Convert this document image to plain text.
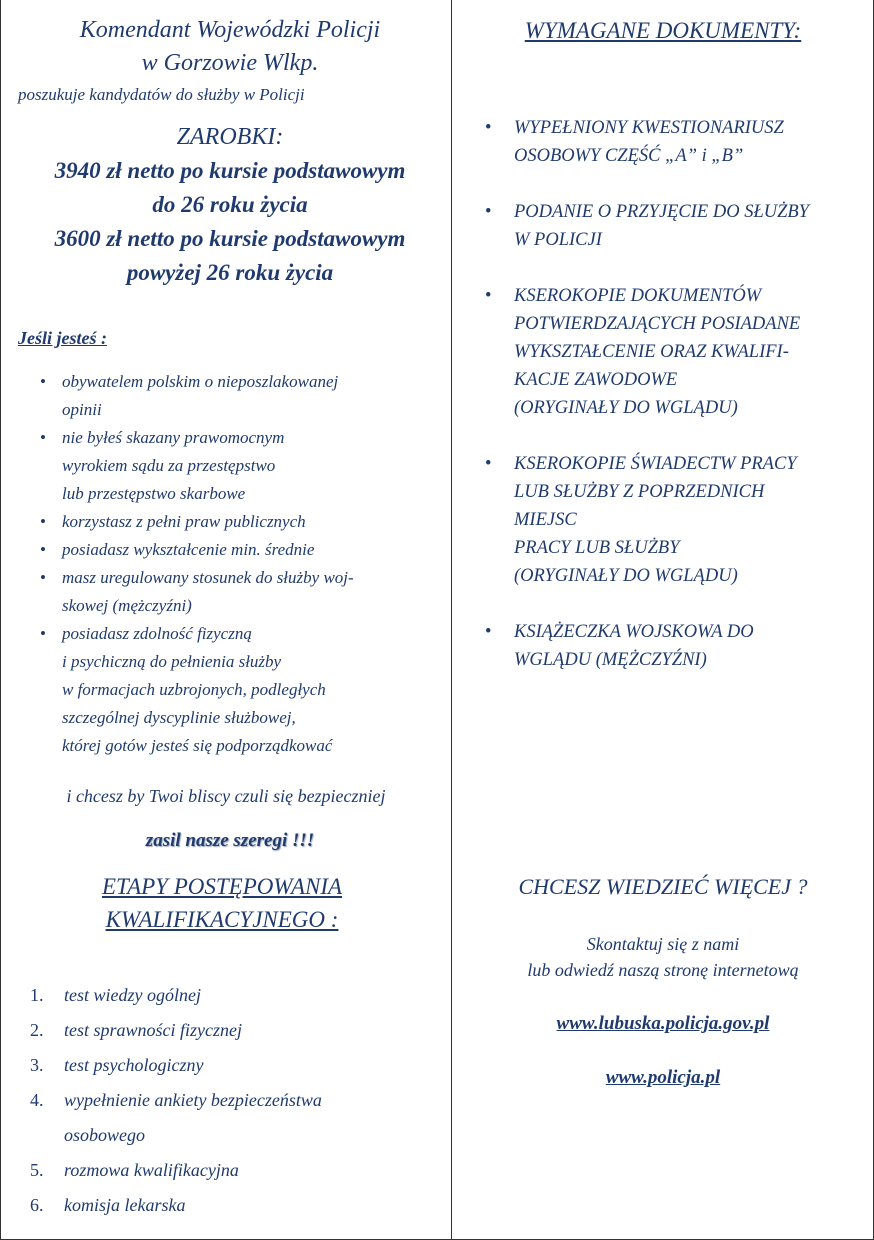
Komendant Wojewódzki Policji
w Gorzowie Wlkp.
poszukuje kandydatów do służby w Policji
ZAROBKI:
3940 zł netto po kursie podstawowym
do 26 roku życia
3600 zł netto po kursie podstawowym
powyżej 26 roku życia
Jeśli jesteś :
• obywatelem polskim o nieposzlakowanej
opinii
• nie byłeś skazany prawomocnym
wyrokiem sądu za przestępstwo
lub przestępstwo skarbowe
• korzystasz z pełni praw publicznych
• posiadasz wykształcenie min. średnie
• masz uregulowany stosunek do służby woj-
skowej (mężczyźni)
• posiadasz zdolność fizyczną
i psychiczną do pełnienia służby
w formacjach uzbrojonych, podległych
szczególnej dyscyplinie służbowej,
której gotów jesteś się podporządkować
i chcesz by Twoi bliscy czuli się bezpieczniej
zasil nasze szeregi !!!
ETAPY POSTĘPOWANIA
KWALIFIKACYJNEGO :
1. test wiedzy ogólnej
2. test sprawności fizycznej
3. test psychologiczny
4. wypełnienie ankiety bezpieczeństwa
osobowego
5. rozmowa kwalifikacyjna
6. komisja lekarska
WYMAGANE DOKUMENTY:
• WYPEŁNIONY KWESTIONARIUSZ
OSOBOWY CZĘŚĆ „A” i „B”
• PODANIE O PRZYJĘCIE DO SŁUŻBY
W POLICJI
• KSEROKOPIE DOKUMENTÓW
POTWIERDZAJĄCYCH POSIADANE
WYKSZTAŁCENIE ORAZ KWALIFI-
KACJE ZAWODOWE
(ORYGINAŁY DO WGLĄDU)
• KSEROKOPIE ŚWIADECTW PRACY
LUB SŁUŻBY Z POPRZEDNICH
MIEJSC
PRACY LUB SŁUŻBY
(ORYGINAŁY DO WGLĄDU)
• KSIĄŻECZKA WOJSKOWA DO
WGLĄDU (MĘŻCZYŹNI)
CHCESZ WIEDZIEĆ WIĘCEJ ?
Skontaktuj się z nami
lub odwiedź naszą stronę internetową
www.lubuska.policja.gov.pl
www.policja.pl
